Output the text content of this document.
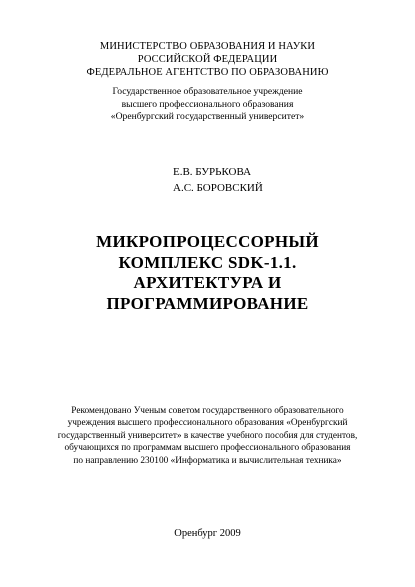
МИНИСТЕРСТВО ОБРАЗОВАНИЯ И НАУКИ
РОССИЙСКОЙ ФЕДЕРАЦИИ
ФЕДЕРАЛЬНОЕ АГЕНТСТВО ПО ОБРАЗОВАНИЮ
Государственное образовательное учреждение
высшего профессионального образования
«Оренбургский государственный университет»
Е.В. БУРЬКОВА
А.С. БОРОВСКИЙ
МИКРОПРОЦЕССОРНЫЙ
КОМПЛЕКС SDK-1.1.
АРХИТЕКТУРА И
ПРОГРАММИРОВАНИЕ
Рекомендовано Ученым советом государственного образовательного
учреждения высшего профессионального образования «Оренбургский
государственный университет» в качестве учебного пособия для студентов,
обучающихся по программам высшего профессионального образования
по направлению 230100 «Информатика и вычислительная техника»
Оренбург 2009
